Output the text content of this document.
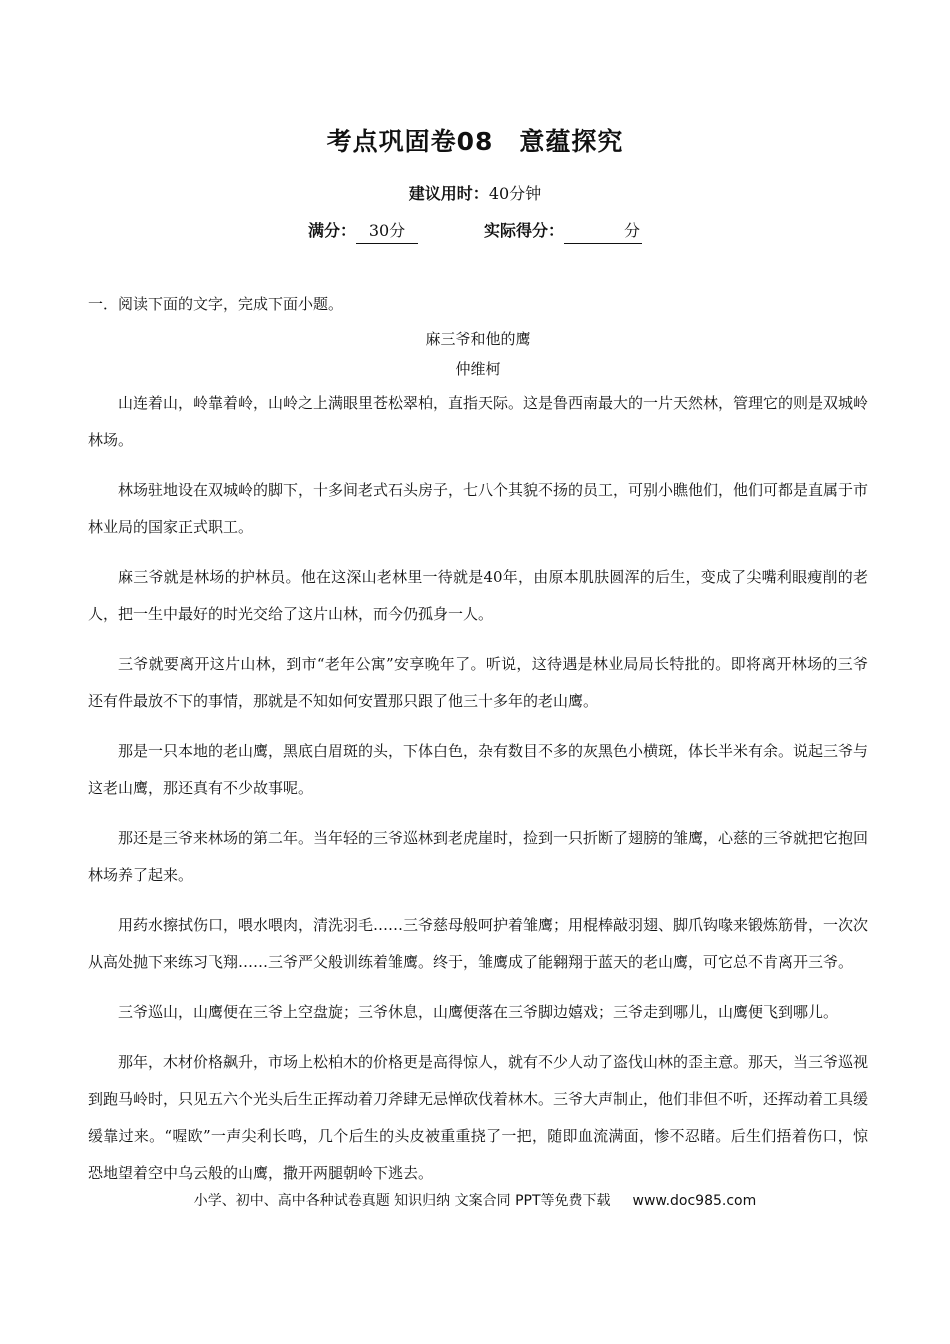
考点巩固卷08　意蕴探究
建议用时：40分钟
满分： 30分	实际得分：	分

一．阅读下面的文字，完成下面小题。

麻三爷和他的鹰

仲维柯

山连着山，岭靠着岭，山岭之上满眼里苍松翠柏，直指天际。这是鲁西南最大的一片天然林，管理它的则是双城岭林场。

林场驻地设在双城岭的脚下，十多间老式石头房子，七八个其貌不扬的员工，可别小瞧他们，他们可都是直属于市林业局的国家正式职工。

麻三爷就是林场的护林员。他在这深山老林里一待就是40年，由原本肌肤圆浑的后生，变成了尖嘴利眼瘦削的老人，把一生中最好的时光交给了这片山林，而今仍孤身一人。

三爷就要离开这片山林，到市“老年公寓”安享晚年了。听说，这待遇是林业局局长特批的。即将离开林场的三爷还有件最放不下的事情，那就是不知如何安置那只跟了他三十多年的老山鹰。

那是一只本地的老山鹰，黑底白眉斑的头，下体白色，杂有数目不多的灰黑色小横斑，体长半米有余。说起三爷与这老山鹰，那还真有不少故事呢。

那还是三爷来林场的第二年。当年轻的三爷巡林到老虎崖时，捡到一只折断了翅膀的雏鹰，心慈的三爷就把它抱回林场养了起来。

用药水擦拭伤口，喂水喂肉，清洗羽毛……三爷慈母般呵护着雏鹰；用棍棒敲羽翅、脚爪钩喙来锻炼筋骨，一次次从高处抛下来练习飞翔……三爷严父般训练着雏鹰。终于，雏鹰成了能翱翔于蓝天的老山鹰，可它总不肯离开三爷。

三爷巡山，山鹰便在三爷上空盘旋；三爷休息，山鹰便落在三爷脚边嬉戏；三爷走到哪儿，山鹰便飞到哪儿。

那年，木材价格飙升，市场上松柏木的价格更是高得惊人，就有不少人动了盗伐山林的歪主意。那天，当三爷巡视到跑马岭时，只见五六个光头后生正挥动着刀斧肆无忌惮砍伐着林木。三爷大声制止，他们非但不听，还挥动着工具缓缓靠过来。“喔欧”一声尖利长鸣，几个后生的头皮被重重挠了一把，随即血流满面，惨不忍睹。后生们捂着伤口，惊恐地望着空中乌云般的山鹰，撒开两腿朝岭下逃去。

小学、初中、高中各种试卷真题 知识归纳 文案合同 PPT等免费下载 www.doc985.com
